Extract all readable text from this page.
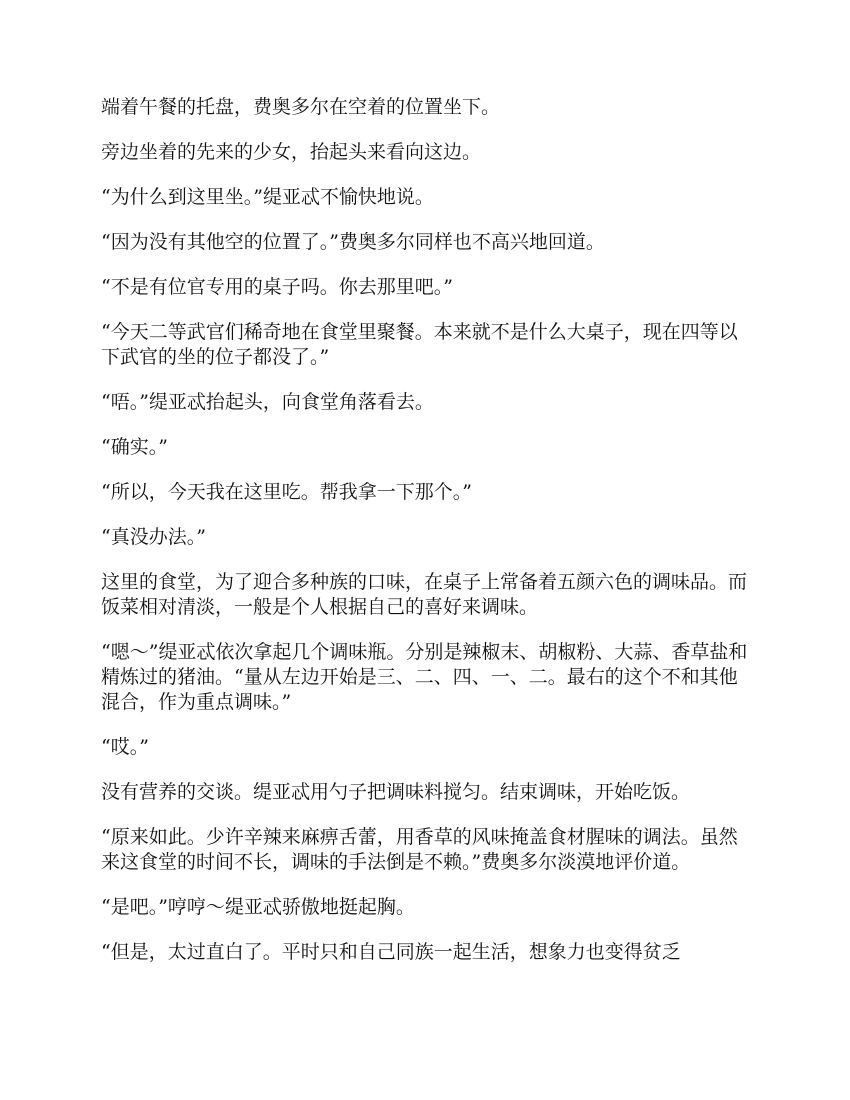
端着午餐的托盘，费奥多尔在空着的位置坐下。

旁边坐着的先来的少女，抬起头来看向这边。

“为什么到这里坐。”缇亚忒不愉快地说。

“因为没有其他空的位置了。”费奥多尔同样也不高兴地回道。

“不是有位官专用的桌子吗。你去那里吧。”

“今天二等武官们稀奇地在食堂里聚餐。本来就不是什么大桌子，现在四等以下武官的坐的位子都没了。”

“唔。”缇亚忒抬起头，向食堂角落看去。

“确实。”

“所以，今天我在这里吃。帮我拿一下那个。”

“真没办法。”

这里的食堂，为了迎合多种族的口味，在桌子上常备着五颜六色的调味品。而饭菜相对清淡，一般是个人根据自己的喜好来调味。

“嗯～”缇亚忒依次拿起几个调味瓶。分别是辣椒末、胡椒粉、大蒜、香草盐和精炼过的猪油。“量从左边开始是三、二、四、一、二。最右的这个不和其他混合，作为重点调味。”

“哎。”

没有营养的交谈。缇亚忒用勺子把调味料搅匀。结束调味，开始吃饭。

“原来如此。少许辛辣来麻痹舌蕾，用香草的风味掩盖食材腥味的调法。虽然来这食堂的时间不长，调味的手法倒是不赖。”费奥多尔淡漠地评价道。

“是吧。”哼哼～缇亚忒骄傲地挺起胸。

“但是，太过直白了。平时只和自己同族一起生活，想象力也变得贫乏
